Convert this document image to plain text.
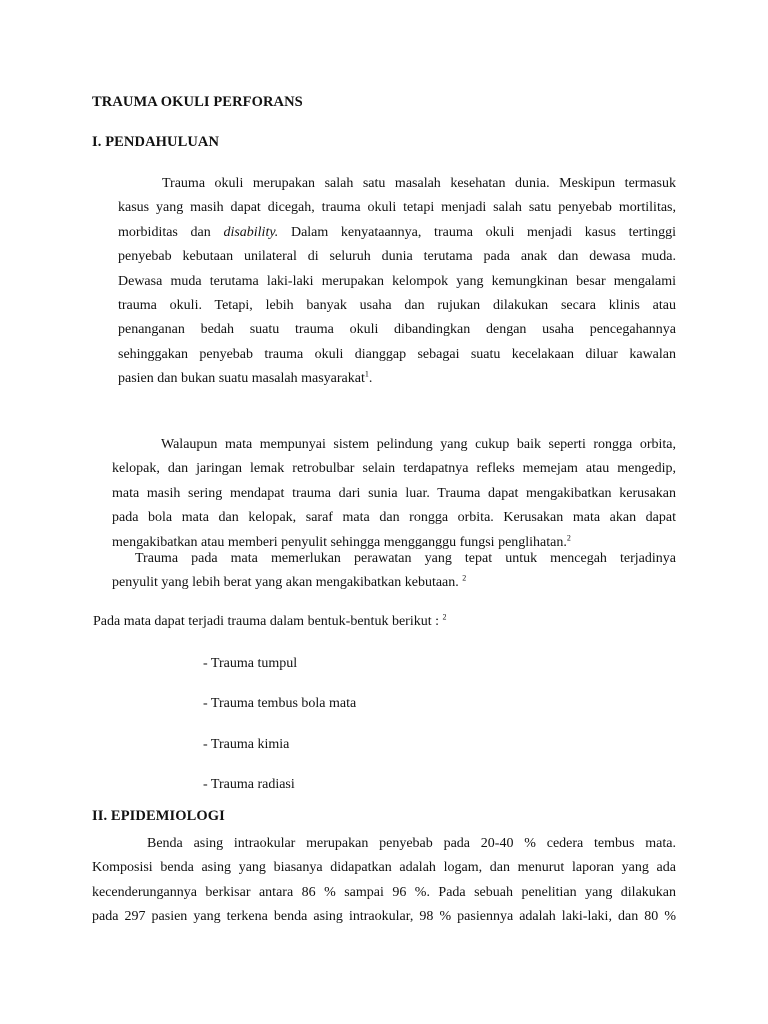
TRAUMA OKULI PERFORANS
I. PENDAHULUAN
Trauma okuli merupakan salah satu masalah kesehatan dunia. Meskipun termasuk
kasus yang masih dapat dicegah, trauma okuli tetapi menjadi salah satu penyebab mortilitas,
morbiditas dan disability. Dalam kenyataannya, trauma okuli menjadi kasus tertinggi
penyebab kebutaan unilateral di seluruh dunia terutama pada anak dan dewasa muda.
Dewasa muda terutama laki-laki merupakan kelompok yang kemungkinan besar mengalami
trauma okuli. Tetapi, lebih banyak usaha dan rujukan dilakukan secara klinis atau
penanganan bedah suatu trauma okuli dibandingkan dengan usaha pencegahannya
sehinggakan penyebab trauma okuli dianggap sebagai suatu kecelakaan diluar kawalan
pasien dan bukan suatu masalah masyarakat$^1$.
Walaupun mata mempunyai sistem pelindung yang cukup baik seperti rongga orbita,
kelopak, dan jaringan lemak retrobulbar selain terdapatnya refleks memejam atau mengedip,
mata masih sering mendapat trauma dari sunia luar. Trauma dapat mengakibatkan kerusakan
pada bola mata dan kelopak, saraf mata dan rongga orbita. Kerusakan mata akan dapat
mengakibatkan atau memberi penyulit sehingga mengganggu fungsi penglihatan.$^2$
Trauma pada mata memerlukan perawatan yang tepat untuk mencegah terjadinya
penyulit yang lebih berat yang akan mengakibatkan kebutaan. $^2$
Pada mata dapat terjadi trauma dalam bentuk-bentuk berikut : $^2$
- Trauma tumpul
- Trauma tembus bola mata
- Trauma kimia
- Trauma radiasi
II. EPIDEMIOLOGI
Benda asing intraokular merupakan penyebab pada 20-40 % cedera tembus mata.
Komposisi benda asing yang biasanya didapatkan adalah logam, dan menurut laporan yang ada
kecenderungannya berkisar antara 86 % sampai 96 %. Pada sebuah penelitian yang dilakukan
pada 297 pasien yang terkena benda asing intraokular, 98 % pasiennya adalah laki-laki, dan 80 %
